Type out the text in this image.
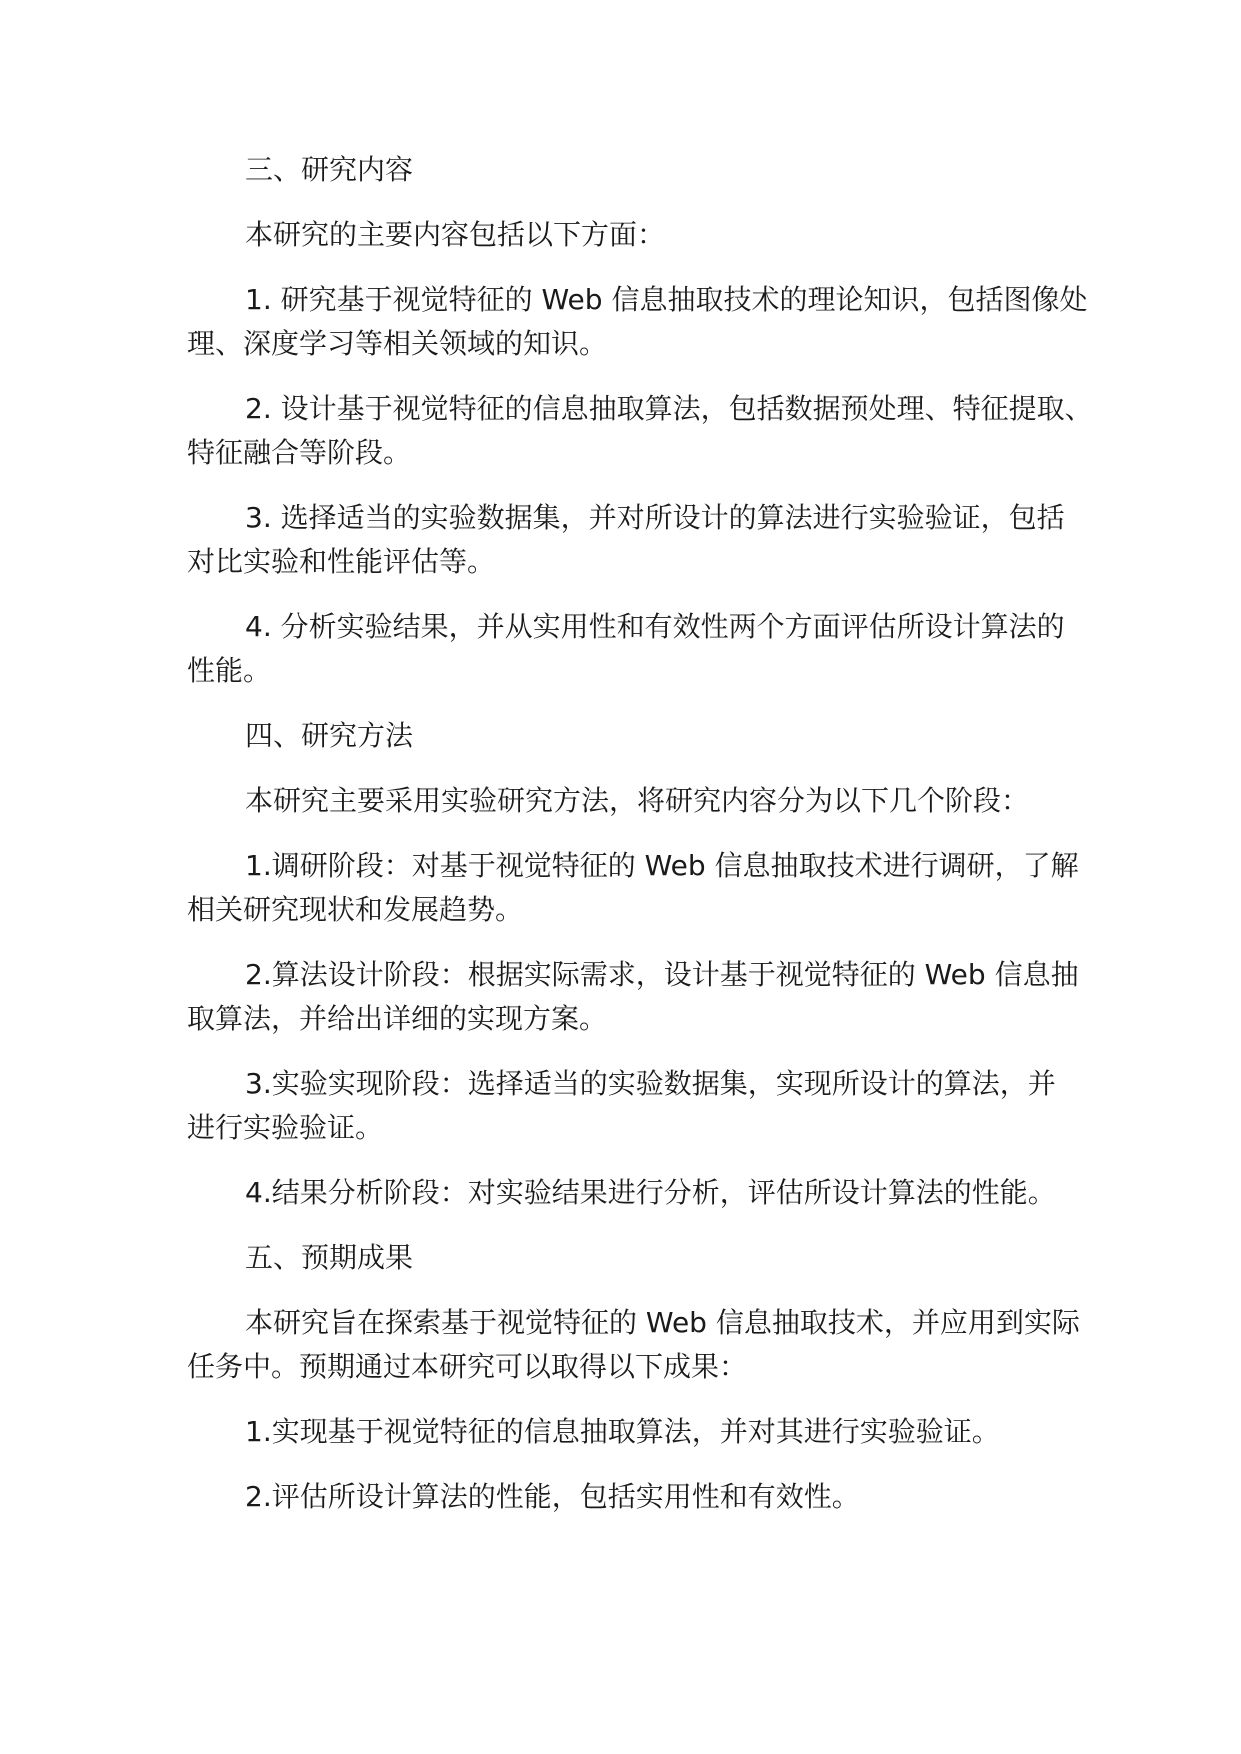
三、研究内容
本研究的主要内容包括以下方面：
1. 研究基于视觉特征的 Web 信息抽取技术的理论知识，包括图像处
理、深度学习等相关领域的知识。
2. 设计基于视觉特征的信息抽取算法，包括数据预处理、特征提取、
特征融合等阶段。
3. 选择适当的实验数据集，并对所设计的算法进行实验验证，包括
对比实验和性能评估等。
4. 分析实验结果，并从实用性和有效性两个方面评估所设计算法的
性能。
四、研究方法
本研究主要采用实验研究方法，将研究内容分为以下几个阶段：
1.调研阶段：对基于视觉特征的 Web 信息抽取技术进行调研，了解
相关研究现状和发展趋势。
2.算法设计阶段：根据实际需求，设计基于视觉特征的 Web 信息抽
取算法，并给出详细的实现方案。
3.实验实现阶段：选择适当的实验数据集，实现所设计的算法，并
进行实验验证。
4.结果分析阶段：对实验结果进行分析，评估所设计算法的性能。
五、预期成果
本研究旨在探索基于视觉特征的 Web 信息抽取技术，并应用到实际
任务中。预期通过本研究可以取得以下成果：
1.实现基于视觉特征的信息抽取算法，并对其进行实验验证。
2.评估所设计算法的性能，包括实用性和有效性。
